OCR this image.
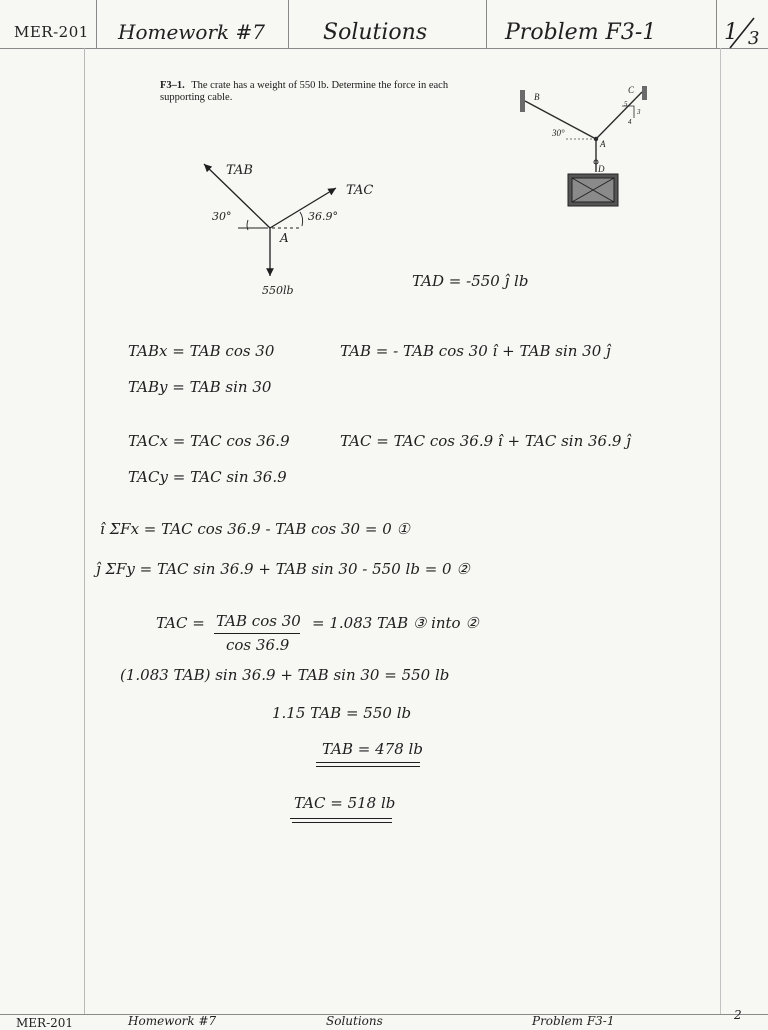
MER-201 Homework #7	Solutions	Problem F3-1	1 3
F3–1. The crate has a weight of 550 lb. Determine the force in each supporting cable.	B
C
A
D
30°
5
3
4
TAB
TAC
30°	36.9°
A
550lb
TAD = -550 ĵ lb
TABx = TAB cos 30	TAB = - TAB cos 30 î + TAB sin 30 ĵ
TABy = TAB sin 30
TACx = TAC cos 36.9	TAC = TAC cos 36.9 î + TAC sin 36.9 ĵ
TACy = TAC sin 36.9
î ΣFx = TAC cos 36.9 - TAB cos 30 = 0 ①
ĵ ΣFy = TAC sin 36.9 + TAB sin 30 - 550 lb = 0 ②
TAC = TAB cos 30
cos 36.9
= 1.083 TAB ③ into ②
(1.083 TAB) sin 36.9 + TAB sin 30 = 550 lb
1.15 TAB = 550 lb
TAB = 478 lb
TAC = 518 lb
MER-201	Homework #7	Solutions	Problem F3-1	2
